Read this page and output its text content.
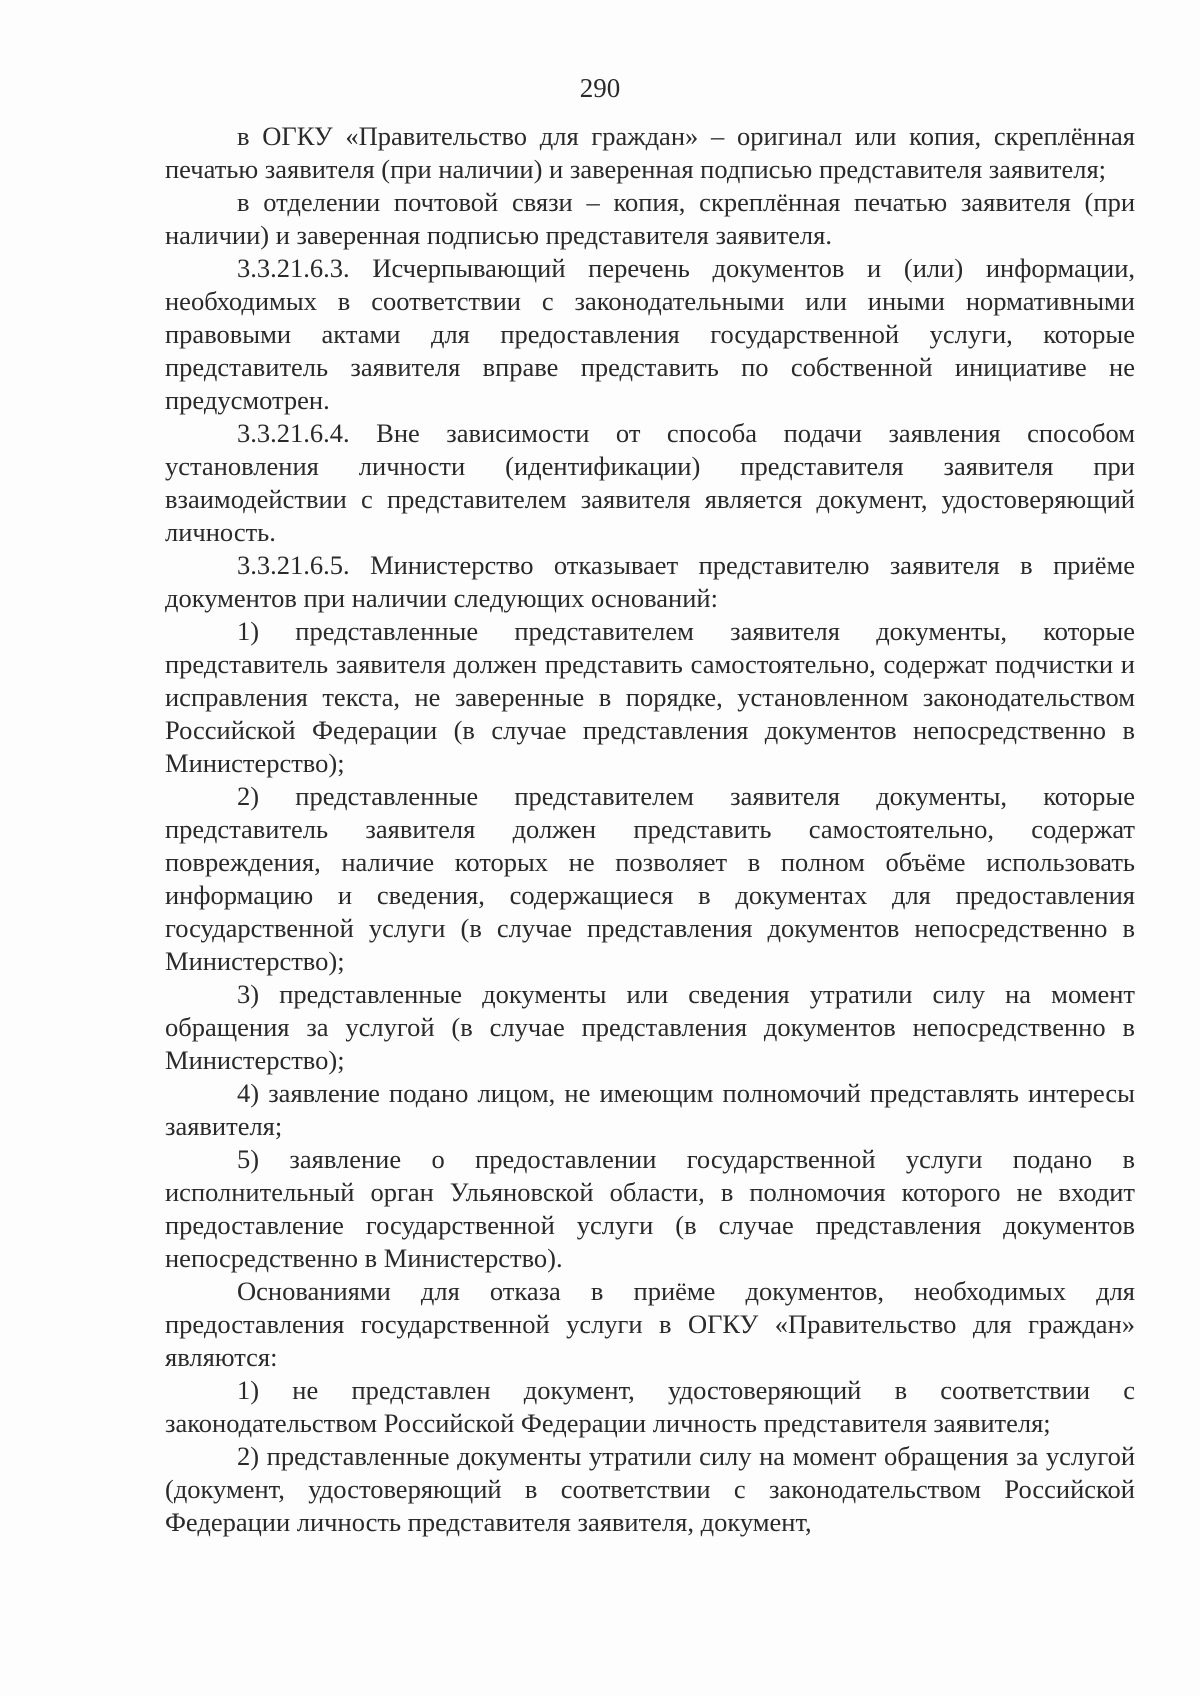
290

в ОГКУ «Правительство для граждан» – оригинал или копия, скреплённая печатью заявителя (при наличии) и заверенная подписью представителя заявителя;

в отделении почтовой связи – копия, скреплённая печатью заявителя (при наличии) и заверенная подписью представителя заявителя.

3.3.21.6.3. Исчерпывающий перечень документов и (или) информации, необходимых в соответствии с законодательными или иными нормативными правовыми актами для предоставления государственной услуги, которые представитель заявителя вправе представить по собственной инициативе не предусмотрен.

3.3.21.6.4. Вне зависимости от способа подачи заявления способом установления личности (идентификации) представителя заявителя при взаимодействии с представителем заявителя является документ, удостоверяющий личность.

3.3.21.6.5. Министерство отказывает представителю заявителя в приёме документов при наличии следующих оснований:

1) представленные представителем заявителя документы, которые представитель заявителя должен представить самостоятельно, содержат подчистки и исправления текста, не заверенные в порядке, установленном законодательством Российской Федерации (в случае представления документов непосредственно в Министерство);

2) представленные представителем заявителя документы, которые представитель заявителя должен представить самостоятельно, содержат повреждения, наличие которых не позволяет в полном объёме использовать информацию и сведения, содержащиеся в документах для предоставления государственной услуги (в случае представления документов непосредственно в Министерство);

3) представленные документы или сведения утратили силу на момент обращения за услугой (в случае представления документов непосредственно в Министерство);

4) заявление подано лицом, не имеющим полномочий представлять интересы заявителя;

5) заявление о предоставлении государственной услуги подано в исполнительный орган Ульяновской области, в полномочия которого не входит предоставление государственной услуги (в случае представления документов непосредственно в Министерство).

Основаниями для отказа в приёме документов, необходимых для предоставления государственной услуги в ОГКУ «Правительство для граждан» являются:

1) не представлен документ, удостоверяющий в соответствии с законодательством Российской Федерации личность представителя заявителя;

2) представленные документы утратили силу на момент обращения за услугой (документ, удостоверяющий в соответствии с законодательством Российской Федерации личность представителя заявителя, документ,
